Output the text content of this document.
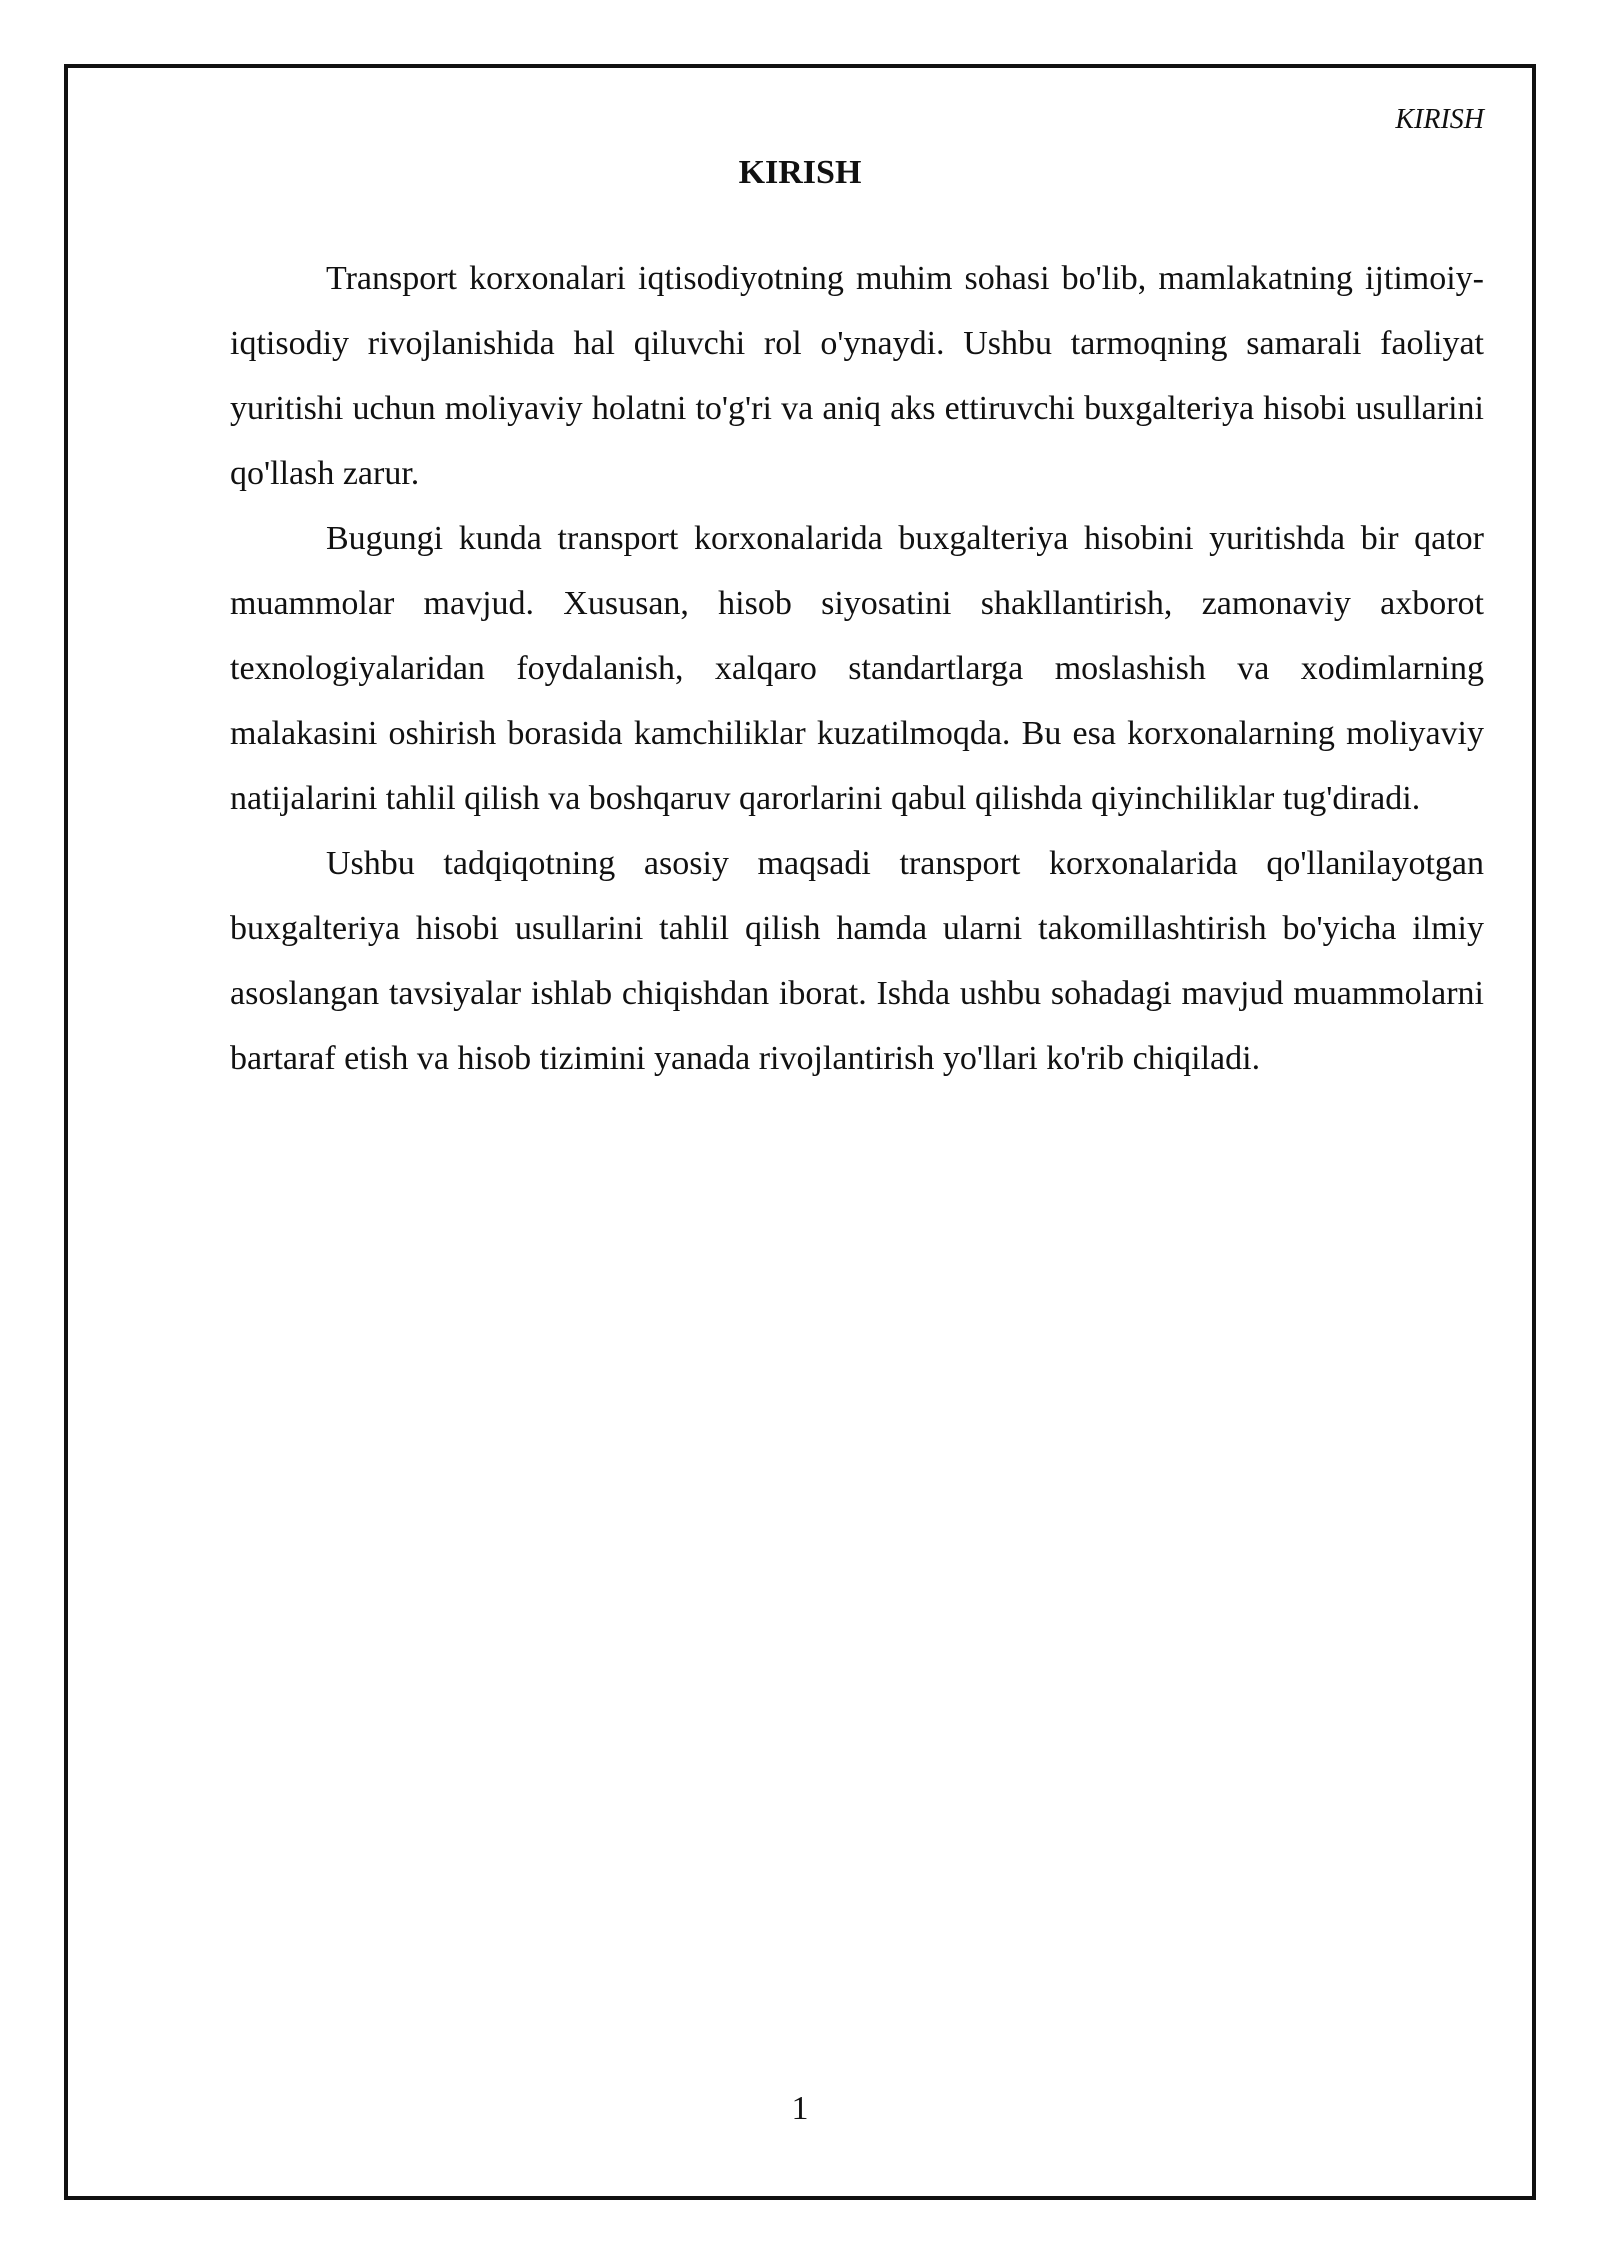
KIRISH
KIRISH

Transport korxonalari iqtisodiyotning muhim sohasi bo'lib, mamlakatning ijtimoiy-iqtisodiy rivojlanishida hal qiluvchi rol o'ynaydi. Ushbu tarmoqning samarali faoliyat yuritishi uchun moliyaviy holatni to'g'ri va aniq aks ettiruvchi buxgalteriya hisobi usullarini qo'llash zarur.

Bugungi kunda transport korxonalarida buxgalteriya hisobini yuritishda bir qator muammolar mavjud. Xususan, hisob siyosatini shakllantirish, zamonaviy axborot texnologiyalaridan foydalanish, xalqaro standartlarga moslashish va xodimlarning malakasini oshirish borasida kamchiliklar kuzatilmoqda. Bu esa korxonalarning moliyaviy natijalarini tahlil qilish va boshqaruv qarorlarini qabul qilishda qiyinchiliklar tug'diradi.

Ushbu tadqiqotning asosiy maqsadi transport korxonalarida qo'llanilayotgan buxgalteriya hisobi usullarini tahlil qilish hamda ularni takomillashtirish bo'yicha ilmiy asoslangan tavsiyalar ishlab chiqishdan iborat. Ishda ushbu sohadagi mavjud muammolarni bartaraf etish va hisob tizimini yanada rivojlantirish yo'llari ko'rib chiqiladi.

1
